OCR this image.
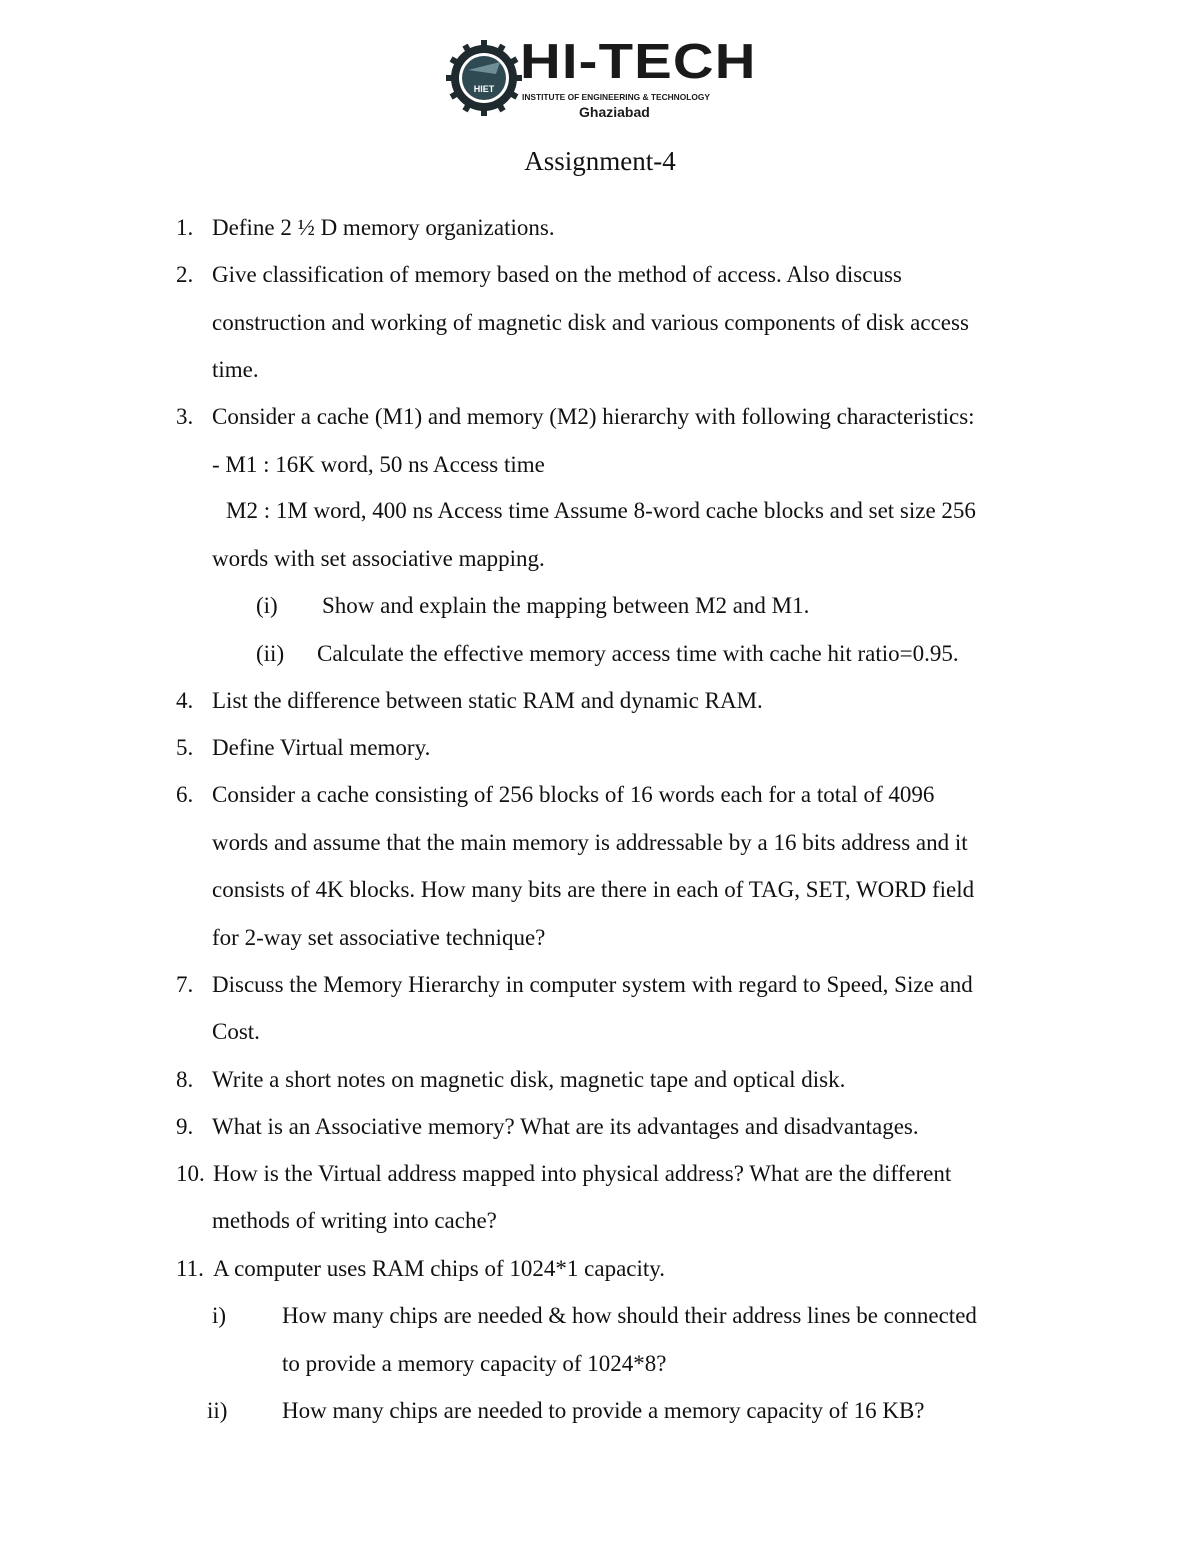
HIET HI-TECH
INSTITUTE OF ENGINEERING & TECHNOLOGY
Ghaziabad
Assignment-4
1. Define 2 ½ D memory organizations.
2. Give classification of memory based on the method of access. Also discuss
construction and working of magnetic disk and various components of disk access
time.
3. Consider a cache (M1) and memory (M2) hierarchy with following characteristics:
- M1 : 16K word, 50 ns Access time
M2 : 1M word, 400 ns Access time Assume 8-word cache blocks and set size 256
words with set associative mapping.
(i) Show and explain the mapping between M2 and M1.
(ii) Calculate the effective memory access time with cache hit ratio=0.95.
4. List the difference between static RAM and dynamic RAM.
5. Define Virtual memory.
6. Consider a cache consisting of 256 blocks of 16 words each for a total of 4096
words and assume that the main memory is addressable by a 16 bits address and it
consists of 4K blocks. How many bits are there in each of TAG, SET, WORD field
for 2-way set associative technique?
7. Discuss the Memory Hierarchy in computer system with regard to Speed, Size and
Cost.
8. Write a short notes on magnetic disk, magnetic tape and optical disk.
9. What is an Associative memory? What are its advantages and disadvantages.
10. How is the Virtual address mapped into physical address? What are the different
methods of writing into cache?
11. A computer uses RAM chips of 1024*1 capacity.
i) How many chips are needed & how should their address lines be connected
to provide a memory capacity of 1024*8?
ii) How many chips are needed to provide a memory capacity of 16 KB?
